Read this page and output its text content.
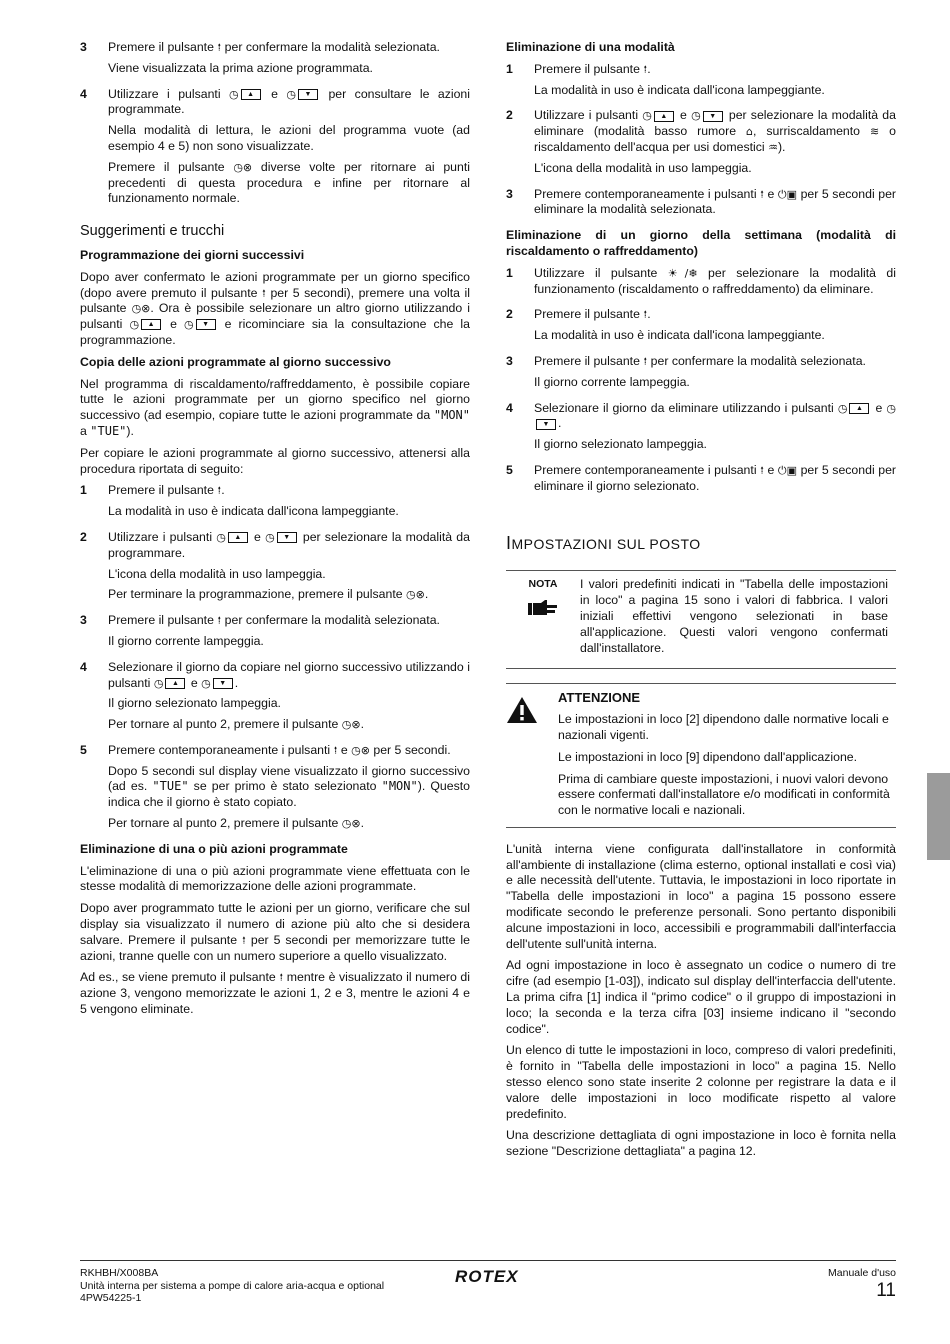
3	Premere il pulsante ⭫ per confermare la modalità selezionata.

Viene visualizzata la prima azione programmata.

4	Utilizzare i pulsanti ◷ ▲ e ◷ ▼ per consultare le azioni programmate.

Nella modalità di lettura, le azioni del programma vuote (ad esempio 4 e 5) non sono visualizzate.

Premere il pulsante ◷⊗ diverse volte per ritornare ai punti precedenti di questa procedura e infine per ritornare al funzionamento normale.

Suggerimenti e trucchi
Programmazione dei giorni successivi

Dopo aver confermato le azioni programmate per un giorno specifico (dopo avere premuto il pulsante ⭫ per 5 secondi), premere una volta il pulsante ◷⊗. Ora è possibile selezionare un altro giorno utilizzando i pulsanti ◷ ▲ e ◷ ▼ e ricominciare sia la consultazione che la programmazione.

Copia delle azioni programmate al giorno successivo

Nel programma di riscaldamento/raffreddamento, è possibile copiare tutte le azioni programmate per un giorno specifico nel giorno successivo (ad esempio, copiare tutte le azioni programmate da "MON" a "TUE").

Per copiare le azioni programmate al giorno successivo, attenersi alla procedura riportata di seguito:

1	Premere il pulsante ⭫.

La modalità in uso è indicata dall'icona lampeggiante.

2	Utilizzare i pulsanti ◷ ▲ e ◷ ▼ per selezionare la modalità da programmare.

L'icona della modalità in uso lampeggia.

Per terminare la programmazione, premere il pulsante ◷⊗.

3	Premere il pulsante ⭫ per confermare la modalità selezionata.

Il giorno corrente lampeggia.

4	Selezionare il giorno da copiare nel giorno successivo utilizzando i pulsanti ◷ ▲ e ◷ ▼ .

Il giorno selezionato lampeggia.

Per tornare al punto 2, premere il pulsante ◷⊗.

5	Premere contemporaneamente i pulsanti ⭫ e ◷⊗ per 5 secondi.

Dopo 5 secondi sul display viene visualizzato il giorno successivo (ad es. "TUE" se per primo è stato selezionato "MON"). Questo indica che il giorno è stato copiato.

Per tornare al punto 2, premere il pulsante ◷⊗.

Eliminazione di una o più azioni programmate

L'eliminazione di una o più azioni programmate viene effettuata con le stesse modalità di memorizzazione delle azioni programmate.

Dopo aver programmato tutte le azioni per un giorno, verificare che sul display sia visualizzato il numero di azione più alto che si desidera salvare. Premere il pulsante ⭫ per 5 secondi per memorizzare tutte le azioni, tranne quelle con un numero superiore a quello visualizzato.

Ad es., se viene premuto il pulsante ⭫ mentre è visualizzato il numero di azione 3, vengono memorizzate le azioni 1, 2 e 3, mentre le azioni 4 e 5 vengono eliminate.

Eliminazione di una modalità
1	Premere il pulsante ⭫.

La modalità in uso è indicata dall'icona lampeggiante.

2	Utilizzare i pulsanti ◷ ▲ e ◷ ▼ per selezionare la modalità da eliminare (modalità basso rumore ⌂, surriscaldamento ≋ o riscaldamento dell'acqua per usi domestici ♒).

L'icona della modalità in uso lampeggia.

3	Premere contemporaneamente i pulsanti ⭫ e ⏻▣ per 5 secondi per eliminare la modalità selezionata.

Eliminazione di un giorno della settimana (modalità di riscaldamento o raffreddamento)
1	Utilizzare il pulsante ☀/❄ per selezionare la modalità di funzionamento (riscaldamento o raffreddamento) da eliminare.

2	Premere il pulsante ⭫.

La modalità in uso è indicata dall'icona lampeggiante.

3	Premere il pulsante ⭫ per confermare la modalità selezionata.

Il giorno corrente lampeggia.

4	Selezionare il giorno da eliminare utilizzando i pulsanti ◷ ▲ e ◷▼ .

Il giorno selezionato lampeggia.

5	Premere contemporaneamente i pulsanti ⭫ e ⏻▣ per 5 secondi per eliminare il giorno selezionato.

IMPOSTAZIONI SUL POSTO
NOTA	I valori predefiniti indicati in "Tabella delle impostazioni in loco" a pagina 15 sono i valori di fabbrica. I valori iniziali effettivi vengono selezionati in base all'applicazione. Questi valori vengono confermati dall'installatore.

ATTENZIONE

Le impostazioni in loco [2] dipendono dalle normative locali e nazionali vigenti.

Le impostazioni in loco [9] dipendono dall'applicazione.

Prima di cambiare queste impostazioni, i nuovi valori devono essere confermati dall'installatore e/o modificati in conformità con le normative locali e nazionali.

L'unità interna viene configurata dall'installatore in conformità all'ambiente di installazione (clima esterno, optional installati e così via) e alle necessità dell'utente. Tuttavia, le impostazioni in loco riportate in "Tabella delle impostazioni in loco" a pagina 15 possono essere modificate secondo le preferenze personali. Sono pertanto disponibili alcune impostazioni in loco, accessibili e programmabili dall'interfaccia dell'utente sull'unità interna.

Ad ogni impostazione in loco è assegnato un codice o numero di tre cifre (ad esempio [1-03]), indicato sul display dell'interfaccia dell'utente. La prima cifra [1] indica il "primo codice" o il gruppo di impostazioni in loco; la seconda e la terza cifra [03] insieme indicano il "secondo codice".

Un elenco di tutte le impostazioni in loco, compreso di valori predefiniti, è fornito in "Tabella delle impostazioni in loco" a pagina 15. Nello stesso elenco sono state inserite 2 colonne per registrare la data e il valore delle impostazioni in loco modificate rispetto al valore predefinito.

Una descrizione dettagliata di ogni impostazione in loco è fornita nella sezione "Descrizione dettagliata" a pagina 12.

RKHBH/X008BA
Unità interna per sistema a pompe di calore aria-acqua e optional
4PW54225-1
ROTEX	Manuale d'uso
11
